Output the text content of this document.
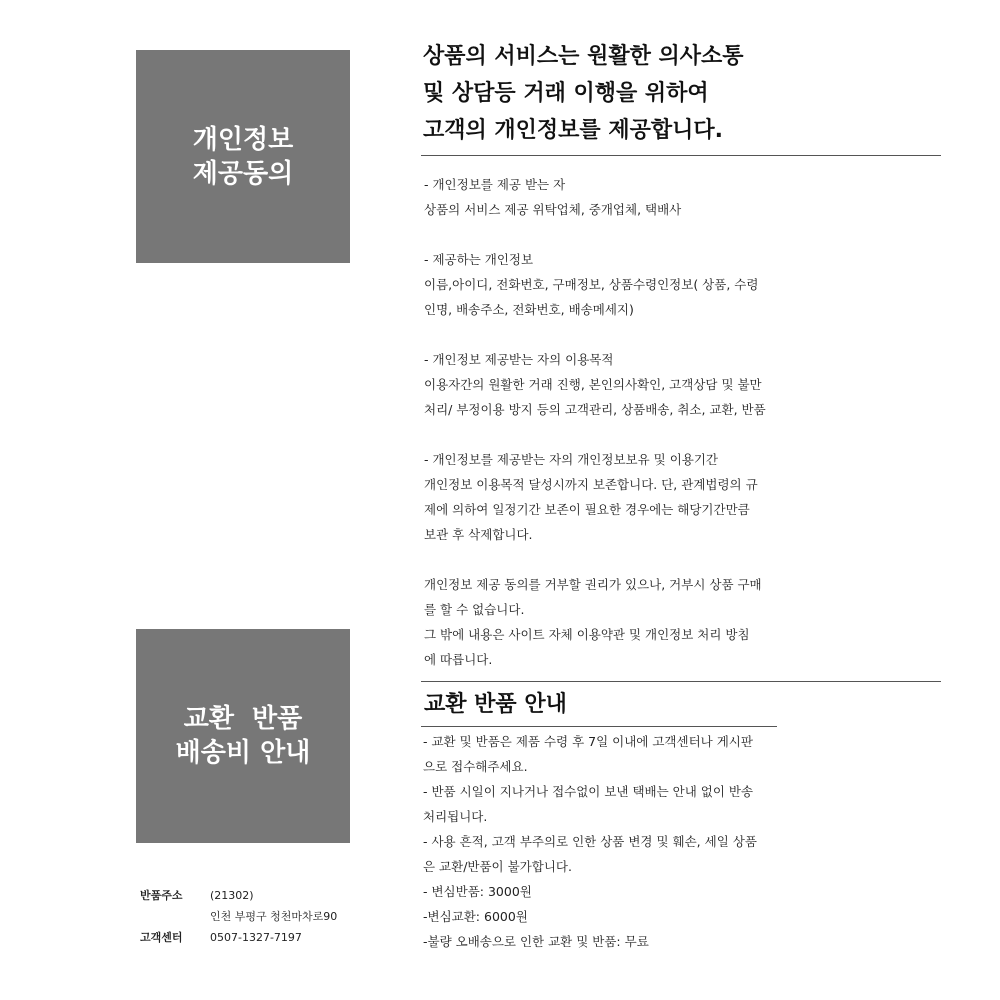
개인정보
제공동의
상품의 서비스는 원활한 의사소통
및 상담등 거래 이행을 위하여
고객의 개인정보를 제공합니다.
- 개인정보를 제공 받는 자
상품의 서비스 제공 위탁업체, 중개업체, 택배사
- 제공하는 개인정보
이름,아이디, 전화번호, 구매정보, 상품수령인정보( 상품, 수령
인명, 배송주소, 전화번호, 배송메세지)
- 개인정보 제공받는 자의 이용목적
이용자간의 원활한 거래 진행, 본인의사확인, 고객상담 및 불만
처리/ 부정이용 방지 등의 고객관리, 상품배송, 취소, 교환, 반품
- 개인정보를 제공받는 자의 개인정보보유 및 이용기간
개인정보 이용목적 달성시까지 보존합니다. 단, 관계법령의 규
제에 의하여 일정기간 보존이 필요한 경우에는 해당기간만큼
보관 후 삭제합니다.
개인정보 제공 동의를 거부할 권리가 있으나, 거부시 상품 구매
를 할 수 없습니다.
그 밖에 내용은 사이트 자체 이용약관 및 개인정보 처리 방침
에 따릅니다.
교환  반품
배송비 안내
교환 반품 안내
- 교환 및 반품은 제품 수령 후 7일 이내에 고객센터나 게시판
으로 접수해주세요.
- 반품 시일이 지나거나 접수없이 보낸 택배는 안내 없이 반송
처리됩니다.
- 사용 흔적, 고객 부주의로 인한 상품 변경 및 훼손, 세일 상품
은 교환/반품이 불가합니다.
- 변심반품: 3000원
-변심교환: 6000원
-불량 오배송으로 인한 교환 및 반품: 무료
반품주소	(21302)
인천 부평구 청천마차로90
고객센터	0507-1327-7197
